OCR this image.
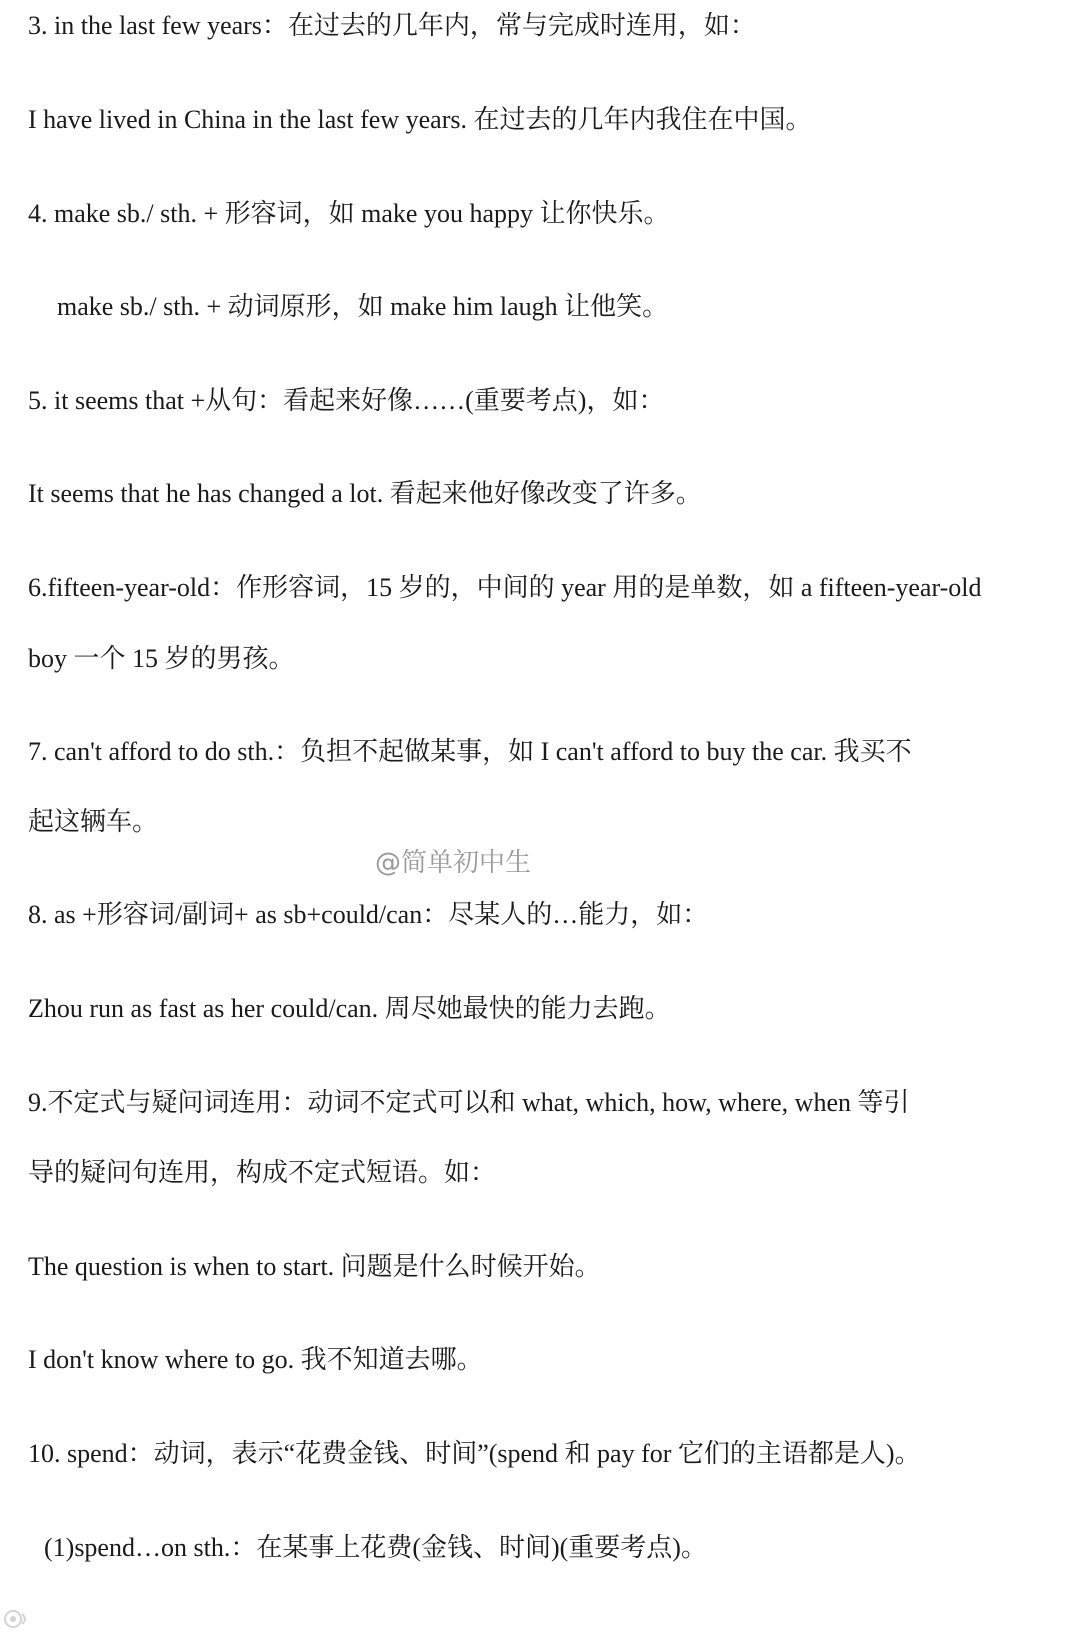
3. in the last few years：在过去的几年内，常与完成时连用，如：
I have lived in China in the last few years. 在过去的几年内我住在中国。
4. make sb./ sth. + 形容词，如 make you happy 让你快乐。
make sb./ sth. + 动词原形，如 make him laugh 让他笑。
5. it seems that +从句：看起来好像……(重要考点)，如：
It seems that he has changed a lot. 看起来他好像改变了许多。
6.fifteen-year-old：作形容词，15 岁的，中间的 year 用的是单数，如 a fifteen-year-old
boy 一个 15 岁的男孩。
7. can't afford to do sth.：负担不起做某事，如 I can't afford to buy the car. 我买不
起这辆车。
8. as +形容词/副词+ as sb+could/can：尽某人的…能力，如：
Zhou run as fast as her could/can. 周尽她最快的能力去跑。
9.不定式与疑问词连用：动词不定式可以和 what, which, how, where, when 等引
导的疑问句连用，构成不定式短语。如：
The question is when to start. 问题是什么时候开始。
I don't know where to go. 我不知道去哪。
10. spend：动词，表示“花费金钱、时间”(spend 和 pay for 它们的主语都是人)。
(1)spend…on sth.：在某事上花费(金钱、时间)(重要考点)。
@简单初中生
